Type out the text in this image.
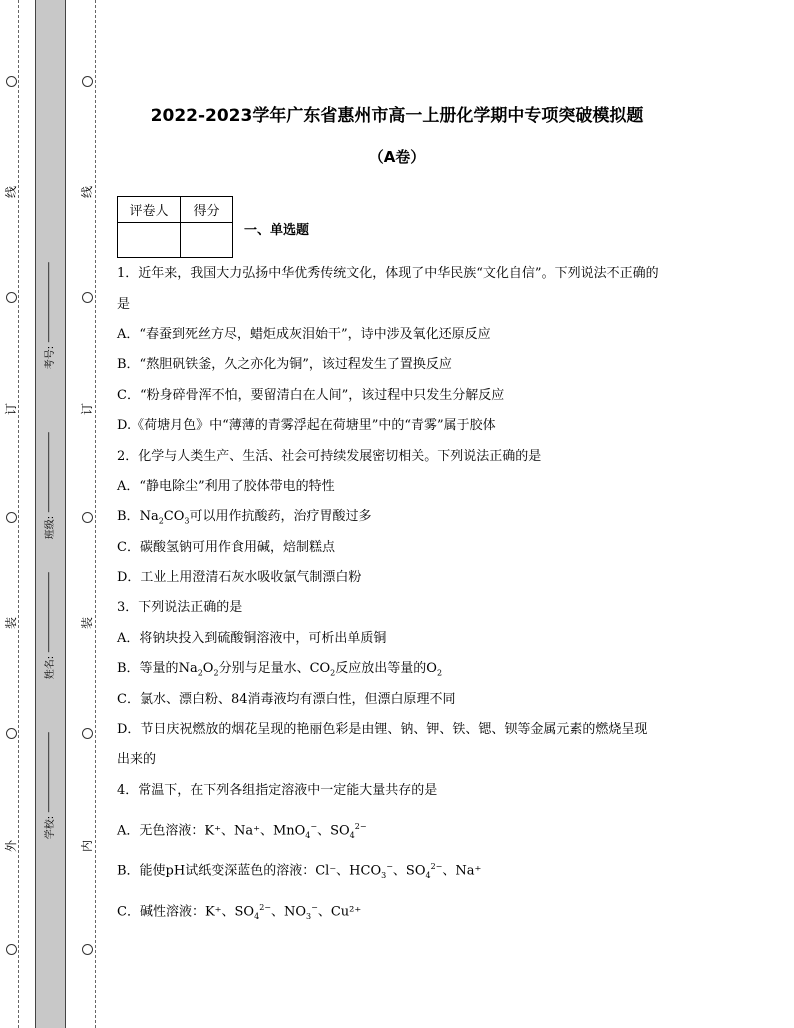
线
订
装
外
线
订
装
内
考号:
班级:
姓名:
学校:
2022-2023学年广东省惠州市高一上册化学期中专项突破模拟题
（A卷）
评卷人	得分

一、单选题
1．近年来，我国大力弘扬中华优秀传统文化，体现了中华民族“文化自信”。下列说法不正确的
是
A．“春蚕到死丝方尽，蜡炬成灰泪始干”，诗中涉及氧化还原反应
B．“熬胆矾铁釜，久之亦化为铜”，该过程发生了置换反应
C．“粉身碎骨浑不怕，要留清白在人间”，该过程中只发生分解反应
D.《荷塘月色》中“薄薄的青雾浮起在荷塘里”中的“青雾”属于胶体
2．化学与人类生产、生活、社会可持续发展密切相关。下列说法正确的是
A．“静电除尘”利用了胶体带电的特性
B．$Na_2CO_3$可以用作抗酸药，治疗胃酸过多
C．碳酸氢钠可用作食用碱，焙制糕点
D．工业上用澄清石灰水吸收氯气制漂白粉
3．下列说法正确的是
A．将钠块投入到硫酸铜溶液中，可析出单质铜
B．等量的$Na_2O_2$分别与足量水、$CO_2$反应放出等量的$O_2$
C．氯水、漂白粉、84消毒液均有漂白性，但漂白原理不同
D．节日庆祝燃放的烟花呈现的艳丽色彩是由锂、钠、钾、铁、锶、钡等金属元素的燃烧呈现
出来的
4．常温下，在下列各组指定溶液中一定能大量共存的是
A．无色溶液：K⁺、Na⁺、MnO$_4$−、$SO_4^{2-}$
B．能使pH试纸变深蓝色的溶液：Cl⁻、$HCO_3^-$、$SO_4^{2-}$、Na⁺
C．碱性溶液：K⁺、$SO_4^{2-}$、$NO_3^-$、Cu²⁺
